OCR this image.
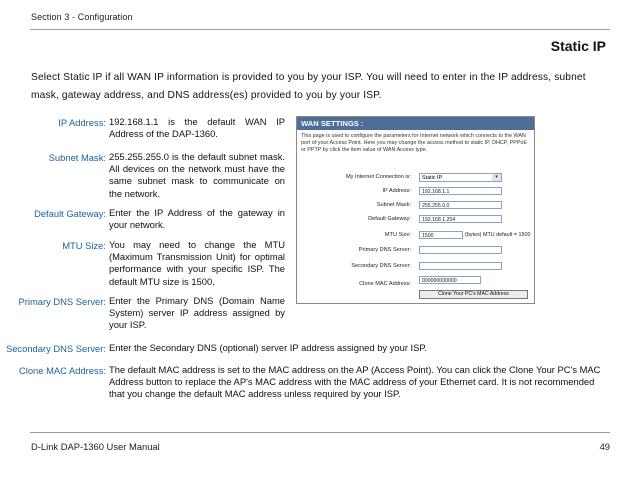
Section 3 - Configuration
Static IP
Select Static IP if all WAN IP information is provided to you by your ISP. You will need to enter in the IP address, subnet mask, gateway address, and DNS address(es) provided to you by your ISP.
IP Address: 192.168.1.1 is the default WAN IP Address of the DAP-1360.
Subnet Mask: 255.255.255.0 is the default subnet mask. All devices on the network must have the same subnet mask to communicate on the network.
Default Gateway: Enter the IP Address of the gateway in your network.
MTU Size: You may need to change the MTU (Maximum Transmission Unit) for optimal performance with your specific ISP. The default MTU size is 1500.
Primary DNS Server: Enter the Primary DNS (Domain Name System) server IP address assigned by your ISP.
Secondary DNS Server: Enter the Secondary DNS (optional) server IP address assigned by your ISP.
Clone MAC Address: The default MAC address is set to the MAC address on the AP (Access Point). You can click the Clone Your PC's MAC Address button to replace the AP's MAC address with the MAC address of your Ethernet card. It is not recommended that you change the default MAC address unless required by your ISP.
WAN SETTINGS :
This page is used to configure the parameters for Internet network which connects to the WAN port of your Access Point. Here you may change the access method to static IP, DHCP, PPPoE or PPTP by click the item value of WAN Access type.
My Internet Connection is:	Static IP	▾
IP Address:	192.168.1.1
Subnet Mask:	255.255.0.0
Default Gateway:	192.168.1.254
MTU Size:	1500	(bytes) MTU default = 1500
Primary DNS Server:
Secondary DNS Server:
Clone MAC Address:	000000000000
Clone Your PC's MAC Address
D-Link DAP-1360 User Manual	49
